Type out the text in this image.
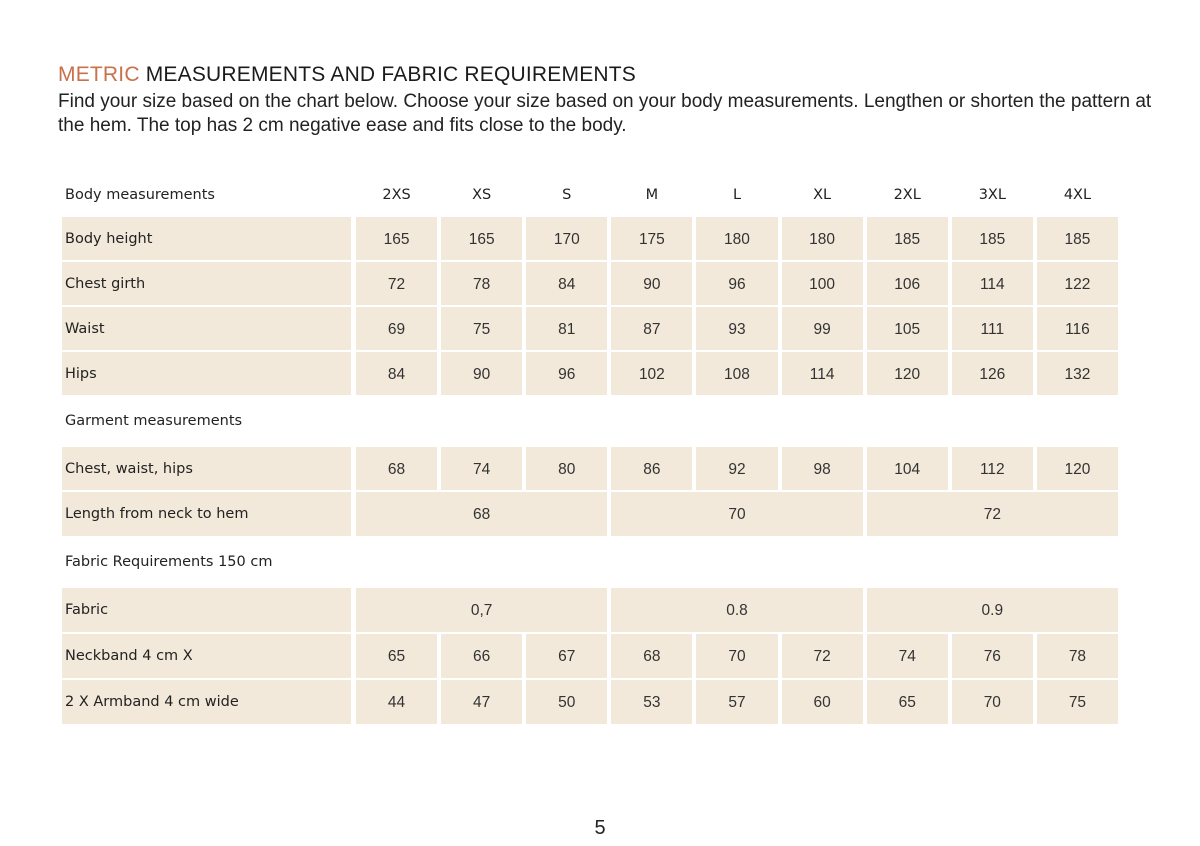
METRIC MEASUREMENTS AND FABRIC REQUIREMENTS

Find your size based on the chart below. Choose your size based on your body measurements. Lengthen or shorten the pattern at the hem. The top has 2 cm negative ease and fits close to the body.

Body measurements	2XS	XS	S	M	L	XL	2XL	3XL	4XL
Body height	165	165	170	175	180	180	185	185	185
Chest girth	72	78	84	90	96	100	106	114	122
Waist	69	75	81	87	93	99	105	111	116
Hips	84	90	96	102	108	114	120	126	132
Garment measurements
Chest, waist, hips	68	74	80	86	92	98	104	112	120
Length from neck to hem	68	70	72
Fabric Requirements 150 cm
Fabric	0,7	0.8	0.9
Neckband 4 cm X	65	66	67	68	70	72	74	76	78
2 X Armband 4 cm wide	44	47	50	53	57	60	65	70	75
5
